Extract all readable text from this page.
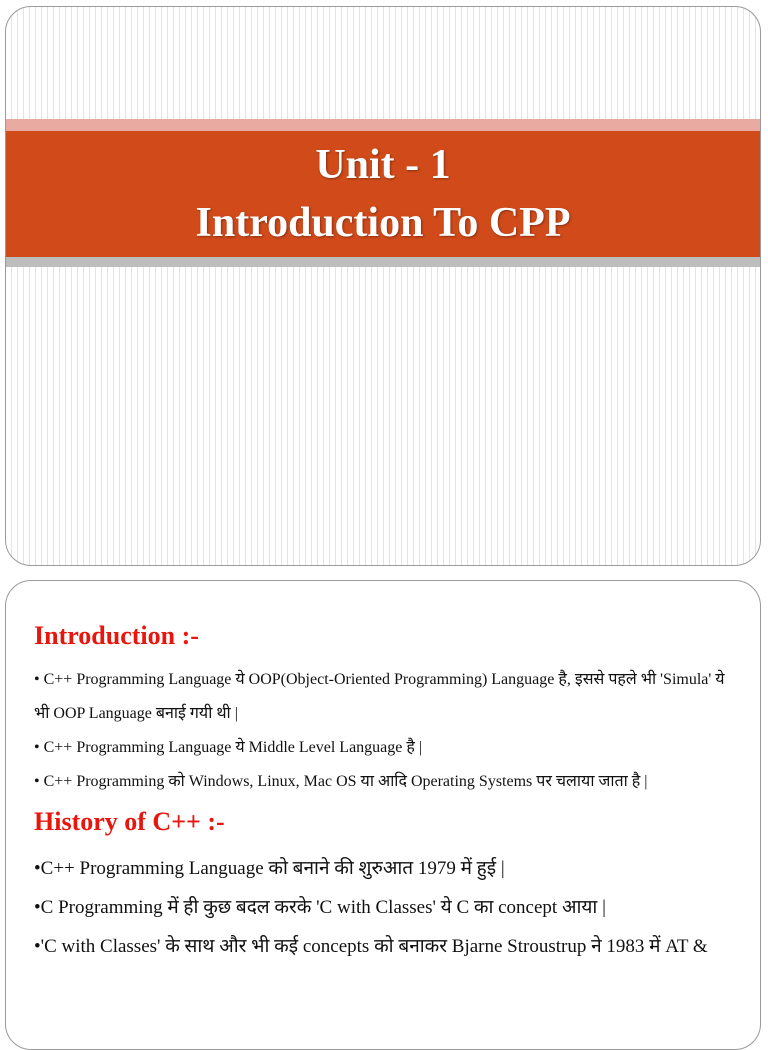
Unit - 1
Introduction To CPP
Introduction :-

• C++ Programming Language ये OOP(Object-Oriented Programming) Language है, इससे पहले भी 'Simula' ये भी OOP Language बनाई गयी थी |

• C++ Programming Language ये Middle Level Language है |

• C++ Programming को Windows, Linux, Mac OS या आदि Operating Systems पर चलाया जाता है |

History of C++ :-

•C++ Programming Language को बनाने की शुरुआत 1979 में हुई |

•C Programming में ही कुछ बदल करके 'C with Classes' ये C का concept आया |

•'C with Classes' के साथ और भी कई concepts को बनाकर Bjarne Stroustrup ने 1983 में AT &
